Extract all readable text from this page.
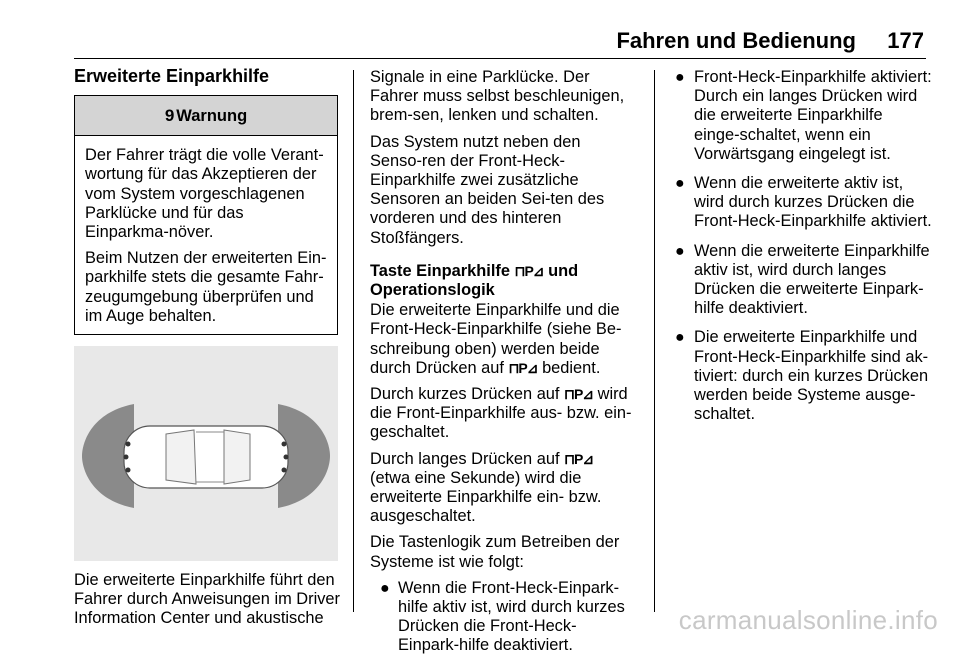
Fahren und Bedienung 177
Erweiterte Einparkhilfe
9 Warnung

Der Fahrer trägt die volle Verant-wortung für das Akzeptieren der vom System vorgeschlagenen Parklücke und für das Einparkma-növer.

Beim Nutzen der erweiterten Ein-parkhilfe stets die gesamte Fahr-zeugumgebung überprüfen und im Auge behalten.

Die erweiterte Einparkhilfe führt den Fahrer durch Anweisungen im Driver Information Center und akustische

Signale in eine Parklücke. Der Fahrer muss selbst beschleunigen, brem-sen, lenken und schalten.

Das System nutzt neben den Senso-ren der Front-Heck-Einparkhilfe zwei zusätzliche Sensoren an beiden Sei-ten des vorderen und des hinteren Stoßfängers.

Taste Einparkhilfe ⊓P⊿ und Operationslogik

Die erweiterte Einparkhilfe und die Front-Heck-Einparkhilfe (siehe Be-schreibung oben) werden beide durch Drücken auf ⊓P⊿ bedient.

Durch kurzes Drücken auf ⊓P⊿ wird die Front-Einparkhilfe aus- bzw. ein-geschaltet.

Durch langes Drücken auf ⊓P⊿ (etwa eine Sekunde) wird die erweiterte Einparkhilfe ein- bzw. ausgeschaltet.

Die Tastenlogik zum Betreiben der Systeme ist wie folgt:

● Wenn die Front-Heck-Einpark-hilfe aktiv ist, wird durch kurzes Drücken die Front-Heck-Einpark-hilfe deaktiviert.
● Front-Heck-Einparkhilfe aktiviert: Durch ein langes Drücken wird die erweiterte Einparkhilfe einge-schaltet, wenn ein Vorwärtsgang eingelegt ist.
● Wenn die erweiterte aktiv ist, wird durch kurzes Drücken die Front-Heck-Einparkhilfe aktiviert.
● Wenn die erweiterte Einparkhilfe aktiv ist, wird durch langes Drücken die erweiterte Einpark-hilfe deaktiviert.
● Die erweiterte Einparkhilfe und Front-Heck-Einparkhilfe sind ak-tiviert: durch ein kurzes Drücken werden beide Systeme ausge-schaltet.
carmanualsonline.info
